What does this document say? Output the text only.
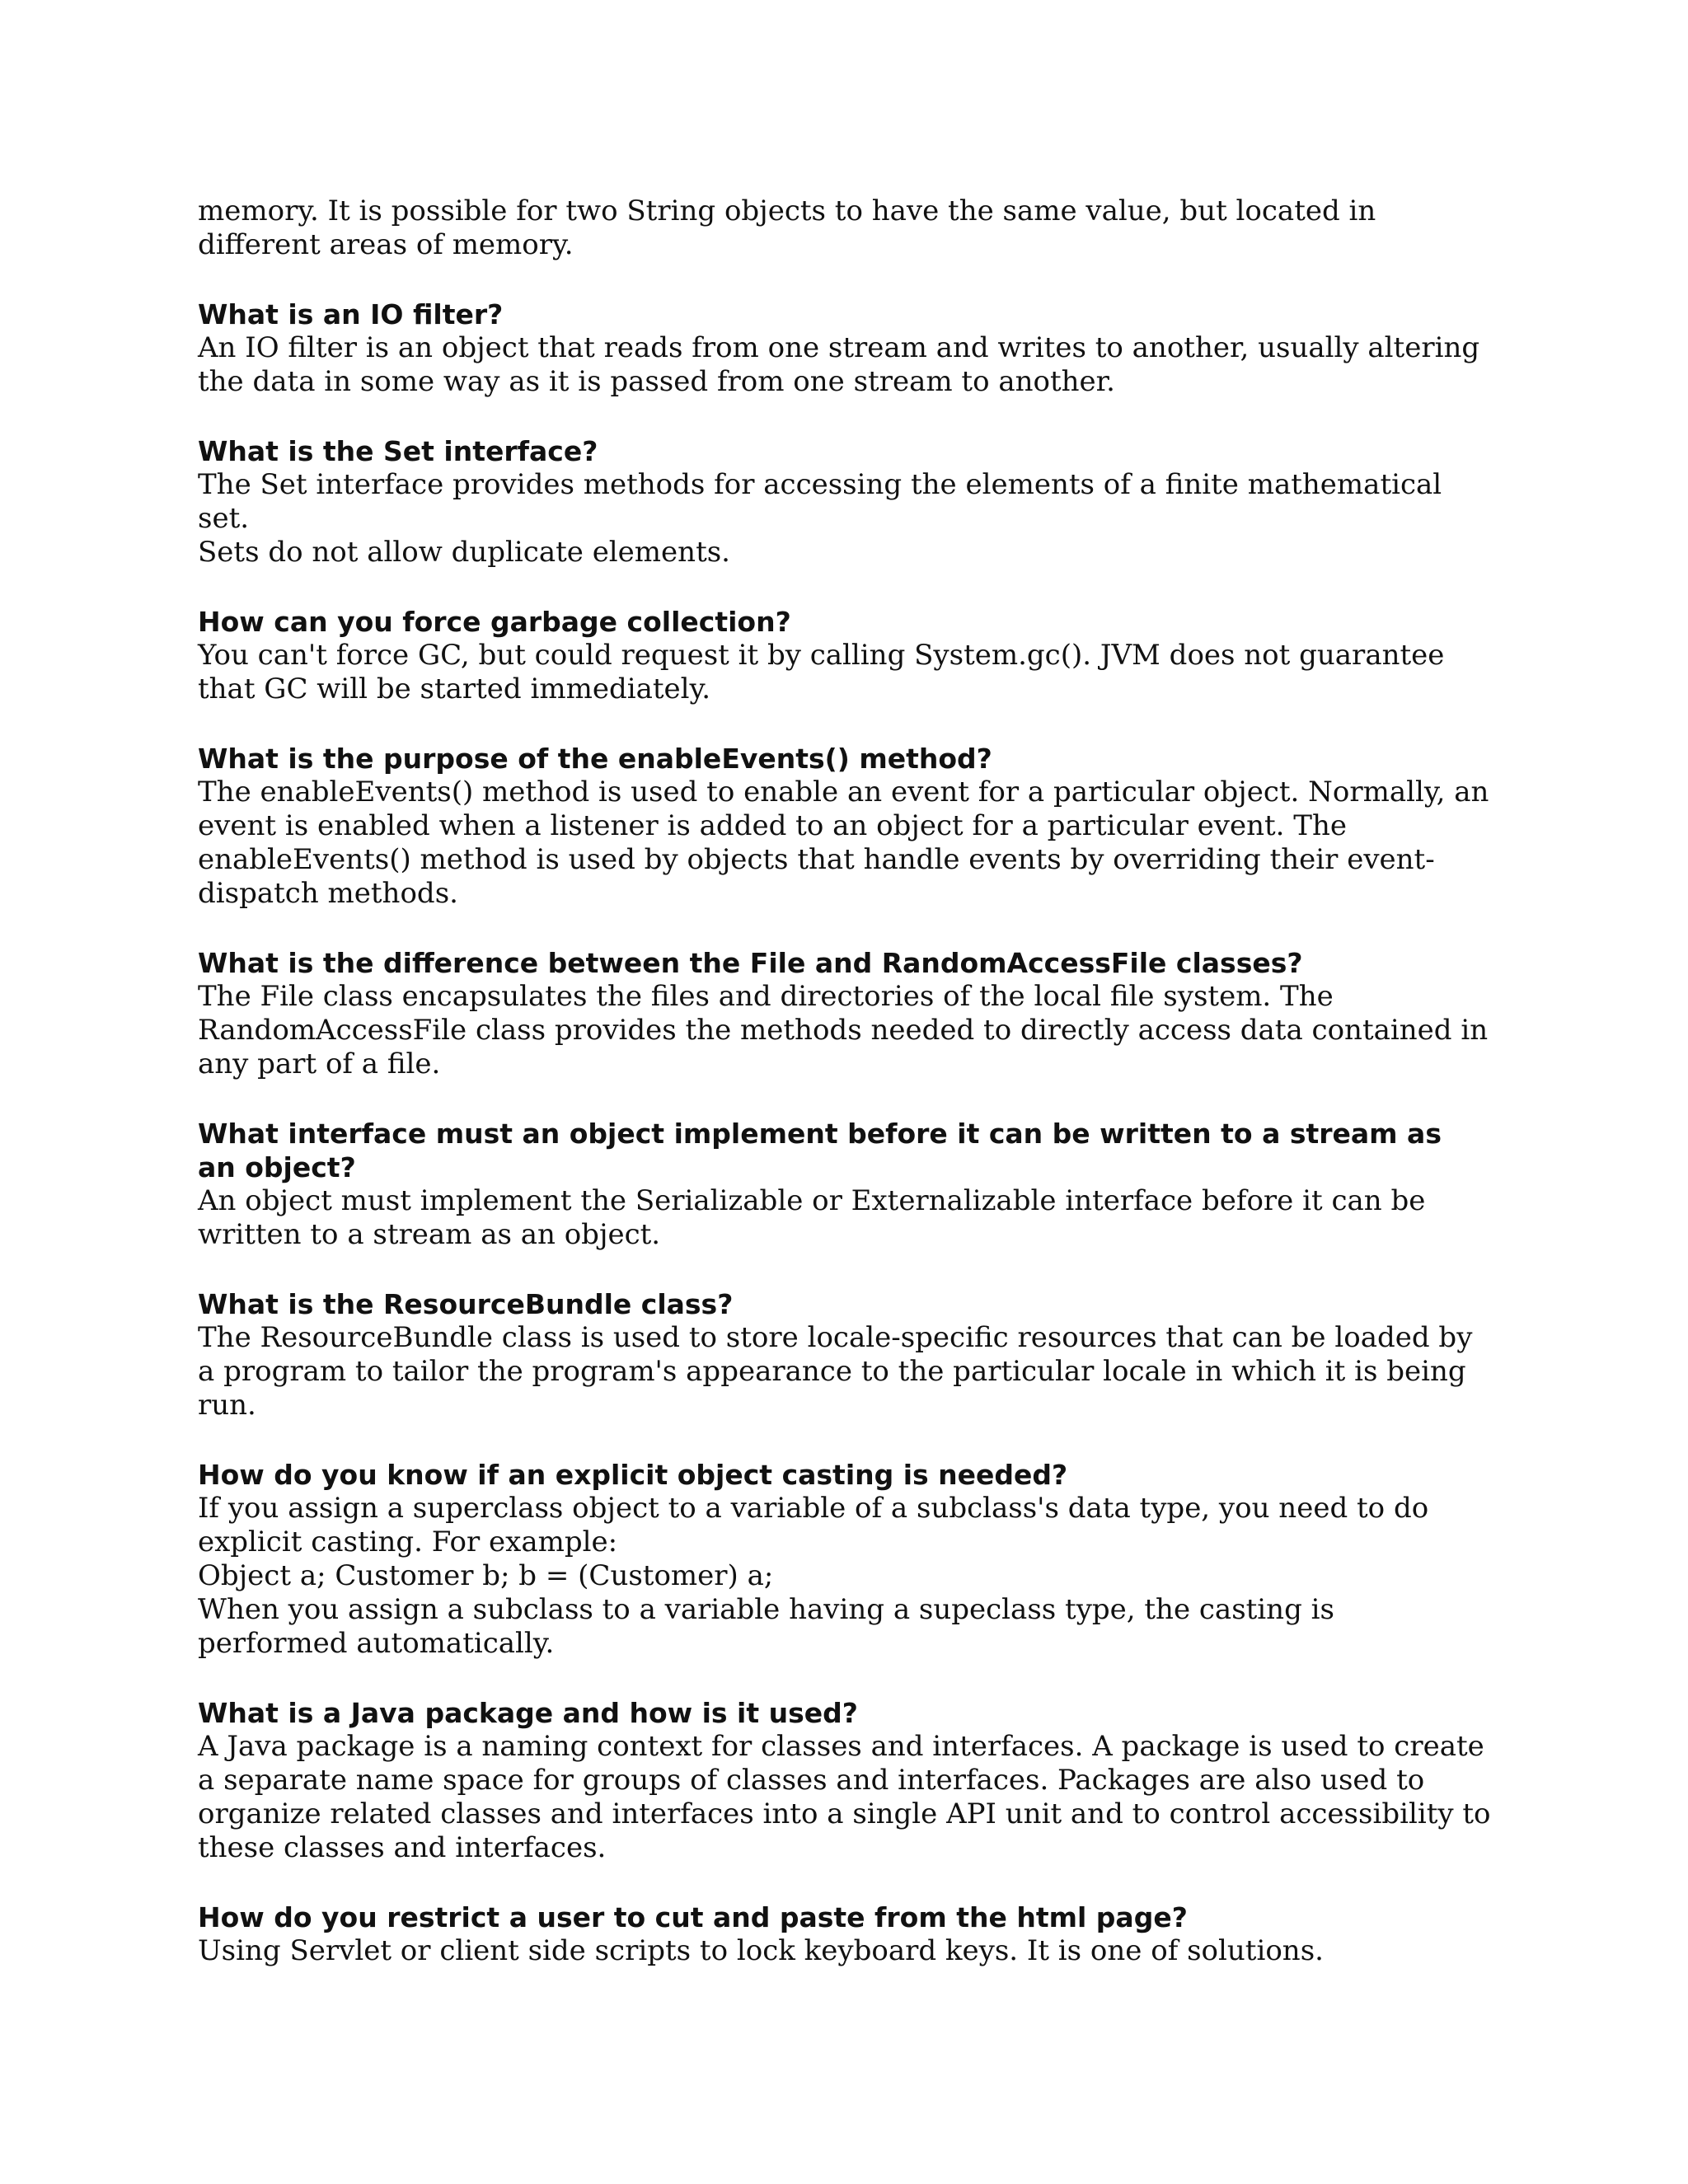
memory. It is possible for two String objects to have the same value, but located in
different areas of memory.

What is an IO filter?
An IO filter is an object that reads from one stream and writes to another, usually altering
the data in some way as it is passed from one stream to another.
What is the Set interface?
The Set interface provides methods for accessing the elements of a finite mathematical set.
Sets do not allow duplicate elements.
How can you force garbage collection?
You can't force GC, but could request it by calling System.gc(). JVM does not guarantee
that GC will be started immediately.
What is the purpose of the enableEvents() method?
The enableEvents() method is used to enable an event for a particular object. Normally, an
event is enabled when a listener is added to an object for a particular event. The
enableEvents() method is used by objects that handle events by overriding their event-
dispatch methods.
What is the difference between the File and RandomAccessFile classes?
The File class encapsulates the files and directories of the local file system. The
RandomAccessFile class provides the methods needed to directly access data contained in
any part of a file.
What interface must an object implement before it can be written to a stream as
an object?
An object must implement the Serializable or Externalizable interface before it can be
written to a stream as an object.
What is the ResourceBundle class?
The ResourceBundle class is used to store locale-specific resources that can be loaded by
a program to tailor the program's appearance to the particular locale in which it is being
run.
How do you know if an explicit object casting is needed?
If you assign a superclass object to a variable of a subclass's data type, you need to do
explicit casting. For example:
Object a; Customer b; b = (Customer) a;
When you assign a subclass to a variable having a supeclass type, the casting is
performed automatically.
What is a Java package and how is it used?
A Java package is a naming context for classes and interfaces. A package is used to create
a separate name space for groups of classes and interfaces. Packages are also used to
organize related classes and interfaces into a single API unit and to control accessibility to
these classes and interfaces.
How do you restrict a user to cut and paste from the html page?
Using Servlet or client side scripts to lock keyboard keys. It is one of solutions.
